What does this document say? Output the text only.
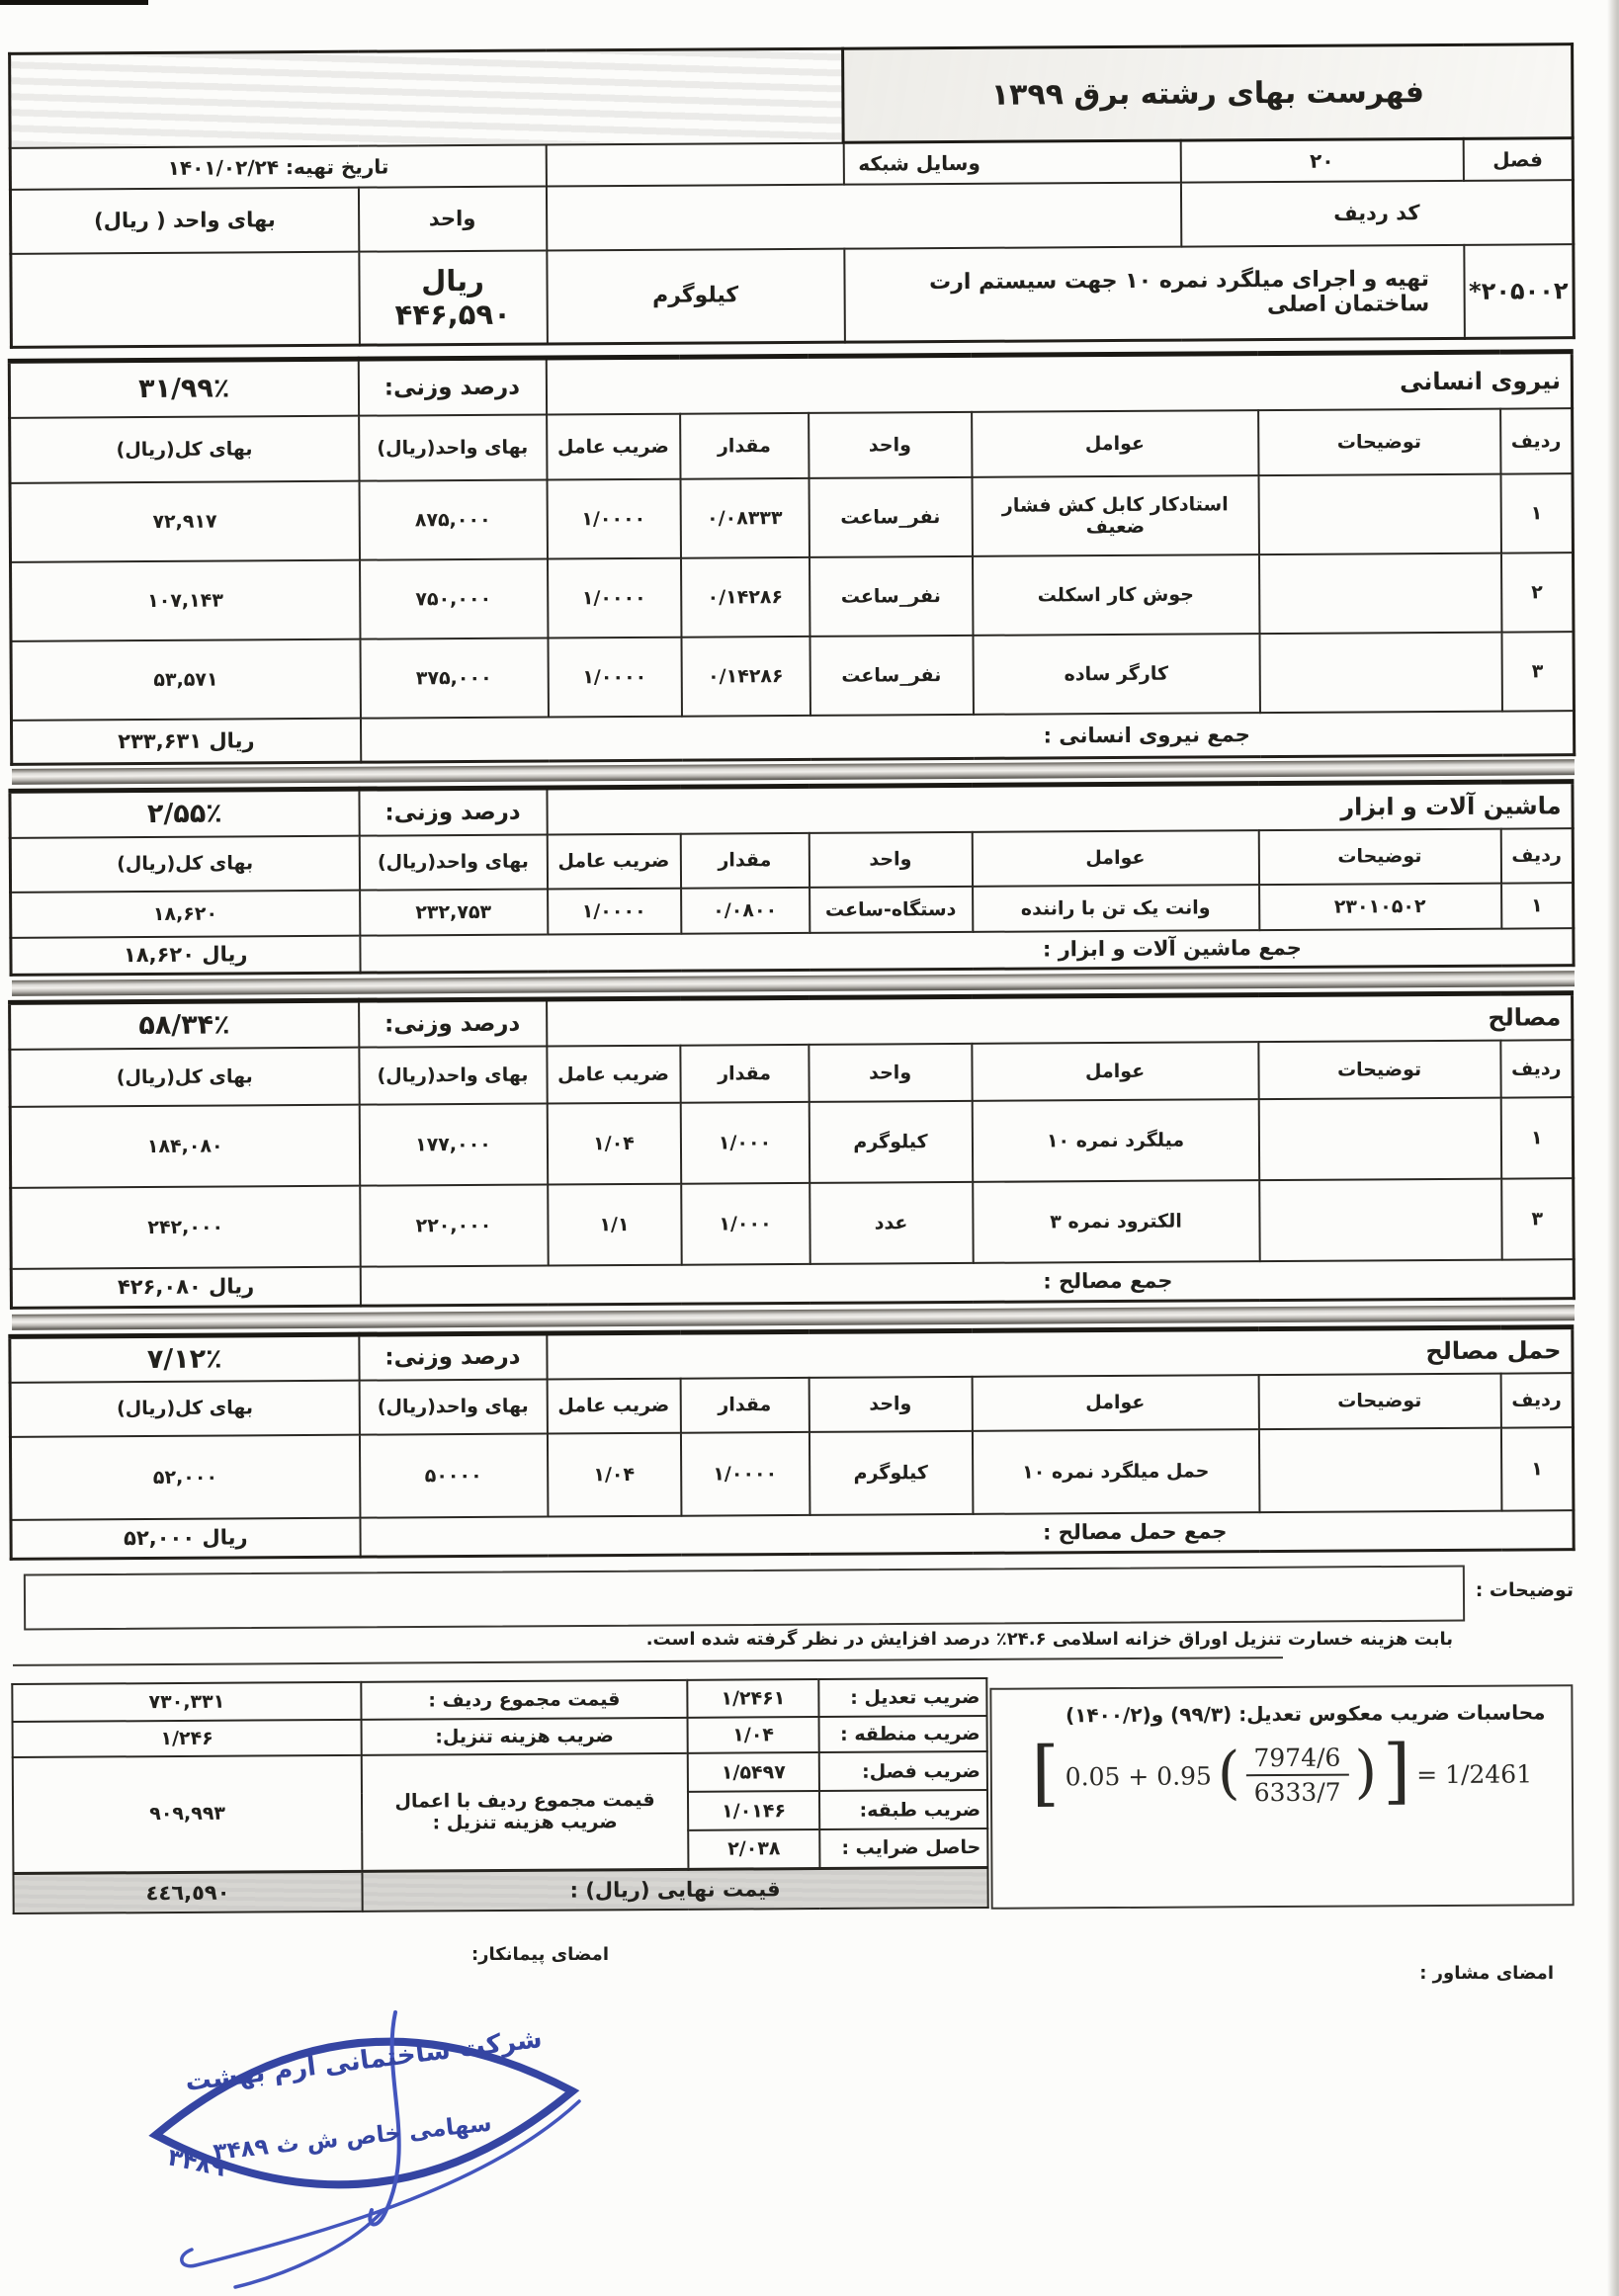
فهرست بهای رشته برق ۱۳۹۹					
فصل	۲۰	وسایل شبکه		تاریخ تهیه: ۱۴۰۱/۰۲/۲۴	
کد ردیف				واحد	بهای واحد ( ریال)
*۲۰۵۰۰۲	تهیه و اجرای میلگرد نمره ۱۰ جهت سیستم ارت ساختمان اصلی		کیلوگرم	ریال ۴۴۶,۵۹۰	
نیروی انسانی						درصد وزنی:	۳۱/۹۹٪
ردیف	توضیحات	عوامل	واحد	مقدار	ضریب عامل	بهای واحد(ریال)	بهای کل(ریال)
۱		استادکار کابل کش فشار ضعیف	نفر_ساعت	۰/۰۸۳۳۳	۱/۰۰۰۰	۸۷۵,۰۰۰	۷۲,۹۱۷
۲		جوش کار اسکلت	نفر_ساعت	۰/۱۴۲۸۶	۱/۰۰۰۰	۷۵۰,۰۰۰	۱۰۷,۱۴۳
۳		کارگر ساده	نفر_ساعت	۰/۱۴۲۸۶	۱/۰۰۰۰	۳۷۵,۰۰۰	۵۳,۵۷۱
جمع نیروی انسانی :							ریال ۲۳۳,۶۳۱
ماشین آلات و ابزار						درصد وزنی:	۲/۵۵٪
ردیف	توضیحات	عوامل	واحد	مقدار	ضریب عامل	بهای واحد(ریال)	بهای کل(ریال)
۱	۲۳۰۱۰۵۰۲	وانت یک تن با راننده	دستگاه-ساعت	۰/۰۸۰۰	۱/۰۰۰۰	۲۳۲,۷۵۳	۱۸,۶۲۰
جمع ماشین آلات و ابزار :							ریال ۱۸,۶۲۰
مصالح						درصد وزنی:	۵۸/۳۴٪
ردیف	توضیحات	عوامل	واحد	مقدار	ضریب عامل	بهای واحد(ریال)	بهای کل(ریال)
۱		میلگرد نمره ۱۰	کیلوگرم	۱/۰۰۰	۱/۰۴	۱۷۷,۰۰۰	۱۸۴,۰۸۰
۳		الکترود نمره ۳	عدد	۱/۰۰۰	۱/۱	۲۲۰,۰۰۰	۲۴۲,۰۰۰
جمع مصالح :							ریال ۴۲۶,۰۸۰
حمل مصالح						درصد وزنی:	۷/۱۲٪
ردیف	توضیحات	عوامل	واحد	مقدار	ضریب عامل	بهای واحد(ریال)	بهای کل(ریال)
۱		حمل میلگرد نمره ۱۰	کیلوگرم	۱/۰۰۰۰	۱/۰۴	۵۰۰۰۰	۵۲,۰۰۰
جمع حمل مصالح :							ریال ۵۲,۰۰۰
توضیحات :
بابت هزینه خسارت تنزیل اوراق خزانه اسلامی ۲۴.۶٪ درصد افزایش در نظر گرفته شده است.
ضریب تعدیل :	۱/۲۴۶۱	قیمت مجموع ردیف :	۷۳۰,۳۳۱
ضریب منطقه :	۱/۰۴	ضریب هزینه تنزیل:	۱/۲۴۶
ضریب فصل:	۱/۵۴۹۷	قیمت مجموع ردیف با اعمال ضریب هزینه تنزیل :	۹۰۹,۹۹۳
ضریب طبقه:	۱/۰۱۴۶		
حاصل ضرایب :	۲/۰۳۸		
قیمت نهایی (ریال) :			٤٤٦,٥٩٠
محاسبات ضریب معکوس تعدیل: (۹۹/۳) و(۱۴۰۰/۲)
[ 0.05 + 0.95 ( $\frac{7974/6}{6333/7}$ ) ] = 1/2461
امضای مشاور :
امضای پیمانکار:
۳۴۸۹
شرکت ساختمانی ارم بهشت
سهامی خاص ش ث ۳۴۸۹
